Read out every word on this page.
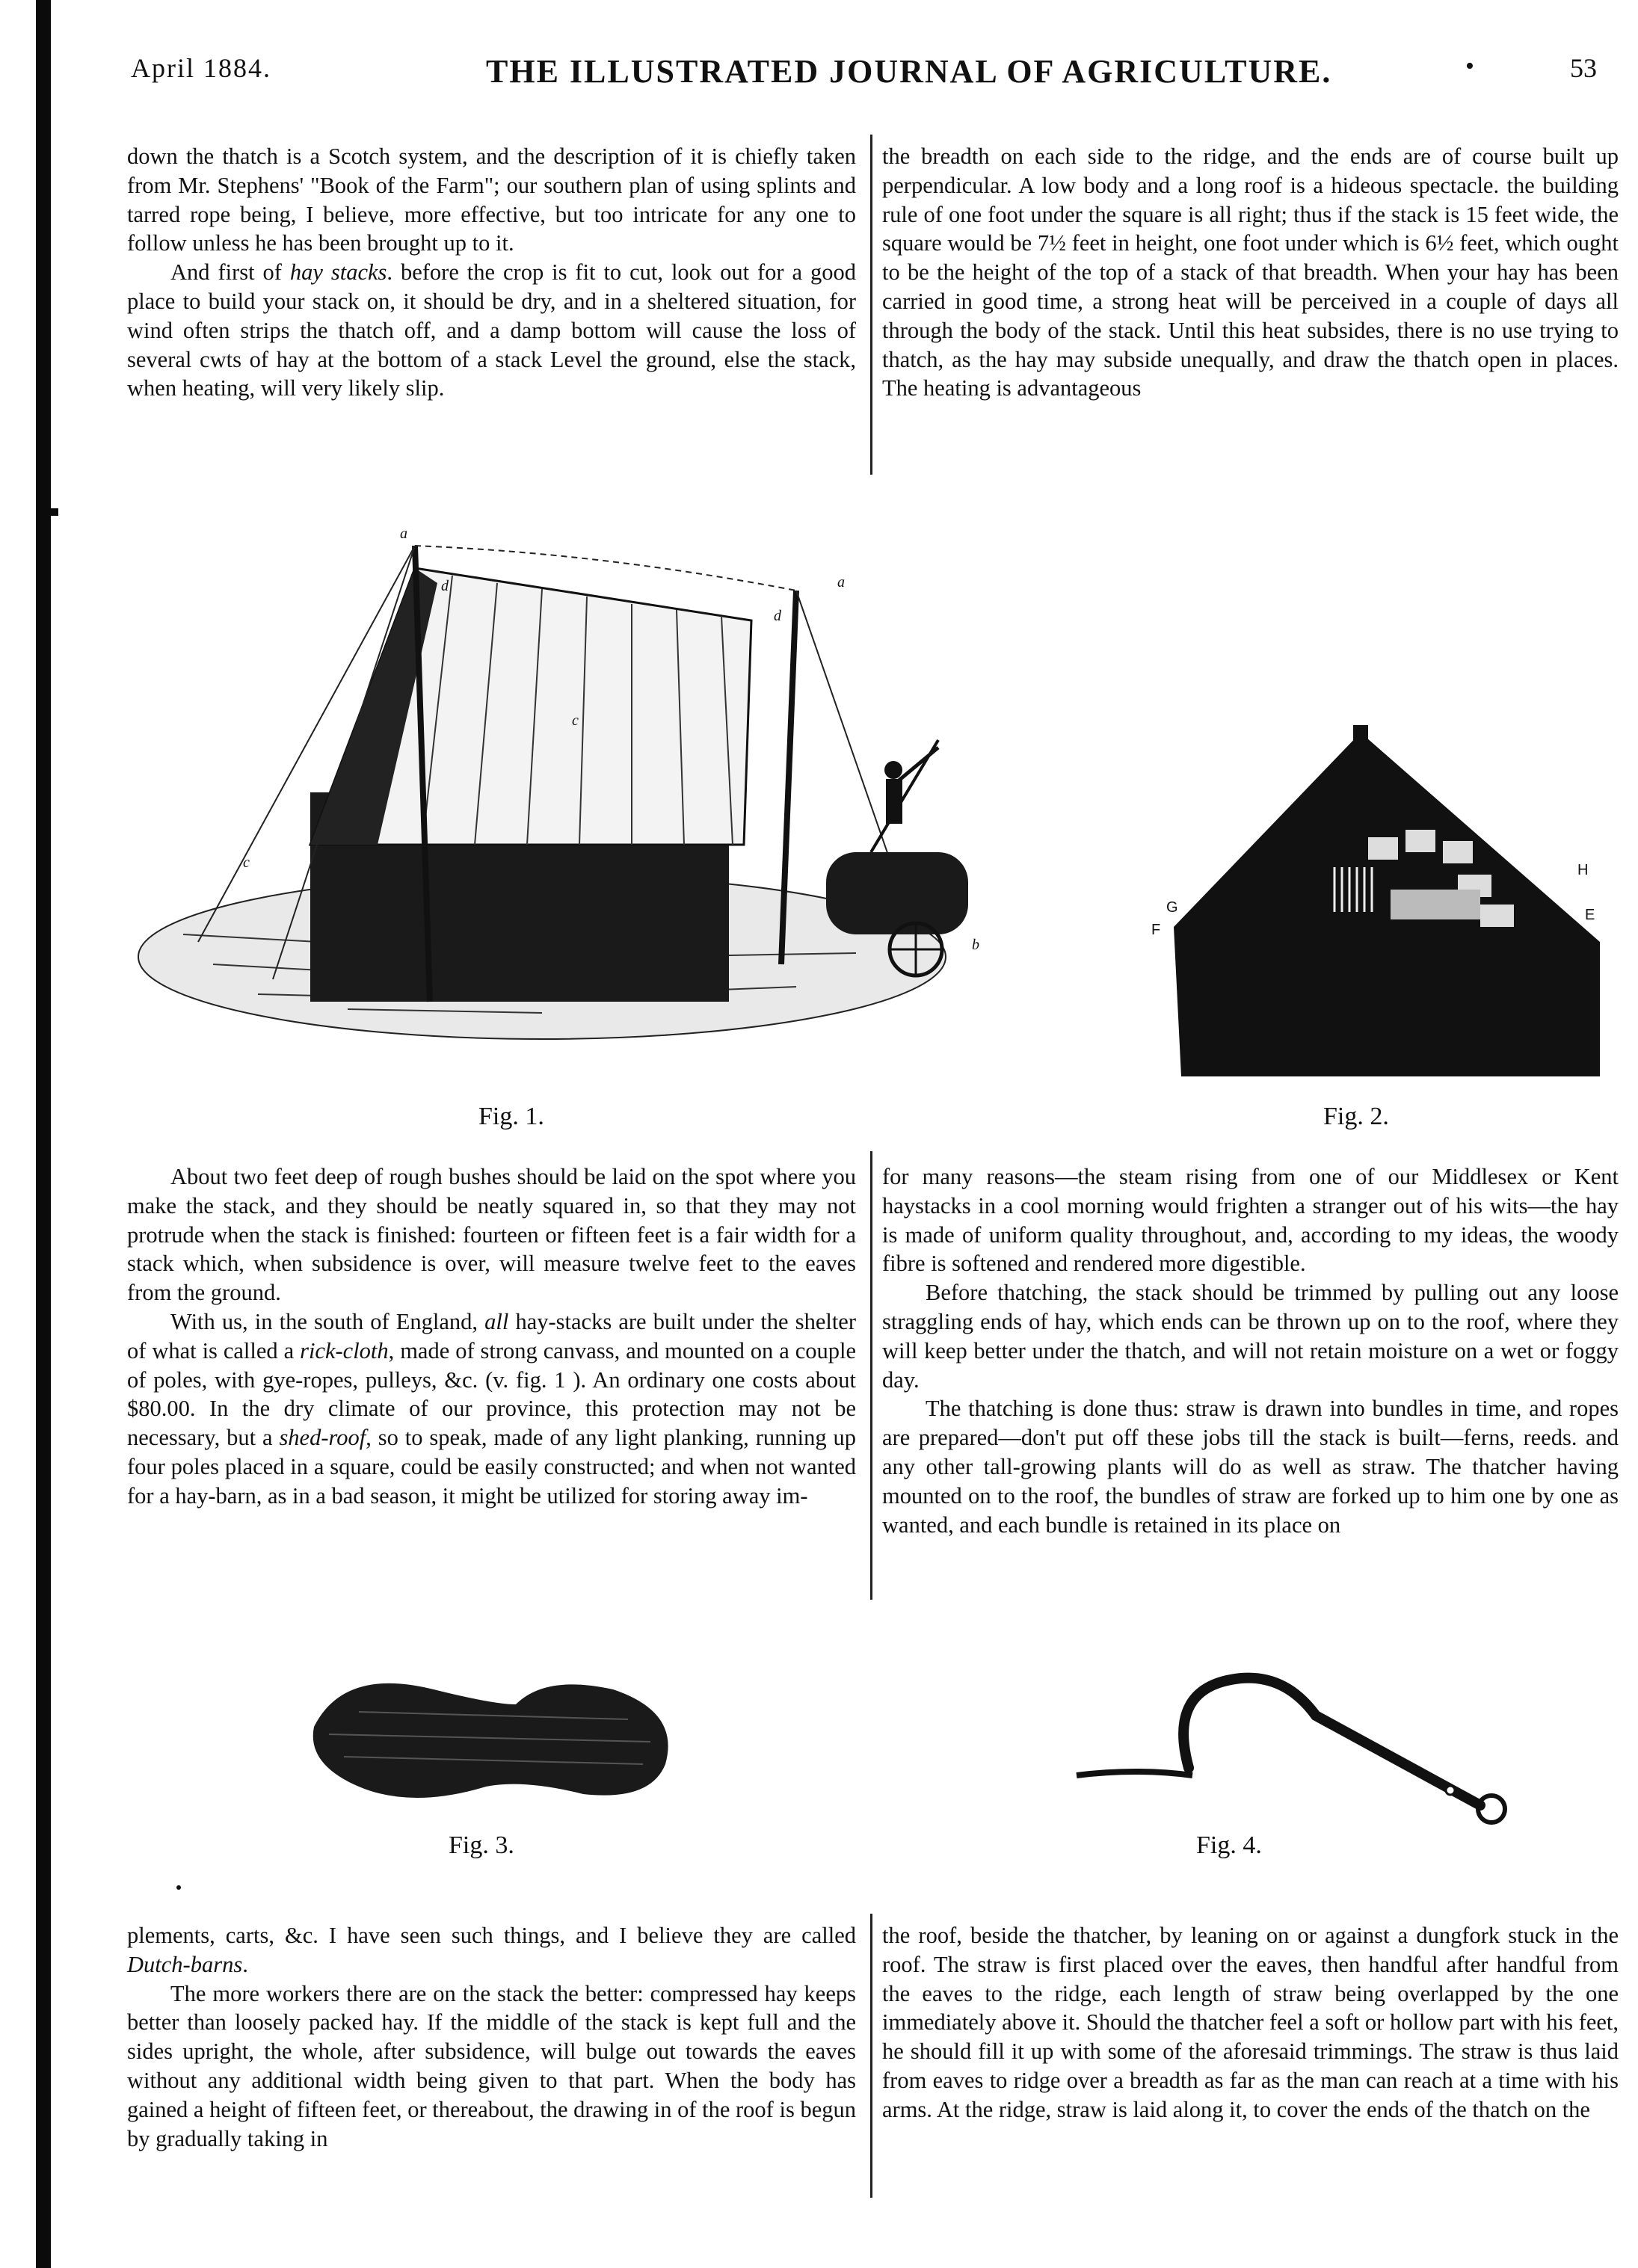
April 1884.	THE ILLUSTRATED JOURNAL OF AGRICULTURE.	•	53

down the thatch is a Scotch system, and the description of it is chiefly taken from Mr. Stephens' "Book of the Farm"; our southern plan of using splints and tarred rope being, I believe, more effective, but too intricate for any one to follow unless he has been brought up to it.

And first of hay stacks. before the crop is fit to cut, look out for a good place to build your stack on, it should be dry, and in a sheltered situation, for wind often strips the thatch off, and a damp bottom will cause the loss of several cwts of hay at the bottom of a stack Level the ground, else the stack, when heating, will very likely slip.

the breadth on each side to the ridge, and the ends are of course built up perpendicular. A low body and a long roof is a hideous spectacle. the building rule of one foot under the square is all right; thus if the stack is 15 feet wide, the square would be 7½ feet in height, one foot under which is 6½ feet, which ought to be the height of the top of a stack of that breadth. When your hay has been carried in good time, a strong heat will be perceived in a couple of days all through the body of the stack. Until this heat subsides, there is no use trying to thatch, as the hay may subside unequally, and draw the thatch open in places. The heating is advantageous

a
d	a
d
c
c
b
Fig. 1.
G
F
H
E
D
Fig. 2.

About two feet deep of rough bushes should be laid on the spot where you make the stack, and they should be neatly squared in, so that they may not protrude when the stack is finished: fourteen or fifteen feet is a fair width for a stack which, when subsidence is over, will measure twelve feet to the eaves from the ground.

With us, in the south of England, all hay-stacks are built under the shelter of what is called a rick-cloth, made of strong canvass, and mounted on a couple of poles, with gye-ropes, pulleys, &c. (v. fig. 1 ). An ordinary one costs about $80.00. In the dry climate of our province, this protection may not be necessary, but a shed-roof, so to speak, made of any light planking, running up four poles placed in a square, could be easily constructed; and when not wanted for a hay-barn, as in a bad season, it might be utilized for storing away im-

for many reasons—the steam rising from one of our Middlesex or Kent haystacks in a cool morning would frighten a stranger out of his wits—the hay is made of uniform quality throughout, and, according to my ideas, the woody fibre is softened and rendered more digestible.

Before thatching, the stack should be trimmed by pulling out any loose straggling ends of hay, which ends can be thrown up on to the roof, where they will keep better under the thatch, and will not retain moisture on a wet or foggy day.

The thatching is done thus: straw is drawn into bundles in time, and ropes are prepared—don't put off these jobs till the stack is built—ferns, reeds. and any other tall-growing plants will do as well as straw. The thatcher having mounted on to the roof, the bundles of straw are forked up to him one by one as wanted, and each bundle is retained in its place on

Fig. 3.	Fig. 4.

plements, carts, &c. I have seen such things, and I believe they are called Dutch-barns.

The more workers there are on the stack the better: compressed hay keeps better than loosely packed hay. If the middle of the stack is kept full and the sides upright, the whole, after subsidence, will bulge out towards the eaves without any additional width being given to that part. When the body has gained a height of fifteen feet, or thereabout, the drawing in of the roof is begun by gradually taking in

the roof, beside the thatcher, by leaning on or against a dungfork stuck in the roof. The straw is first placed over the eaves, then handful after handful from the eaves to the ridge, each length of straw being overlapped by the one immediately above it. Should the thatcher feel a soft or hollow part with his feet, he should fill it up with some of the aforesaid trimmings. The straw is thus laid from eaves to ridge over a breadth as far as the man can reach at a time with his arms. At the ridge, straw is laid along it, to cover the ends of the thatch on the
